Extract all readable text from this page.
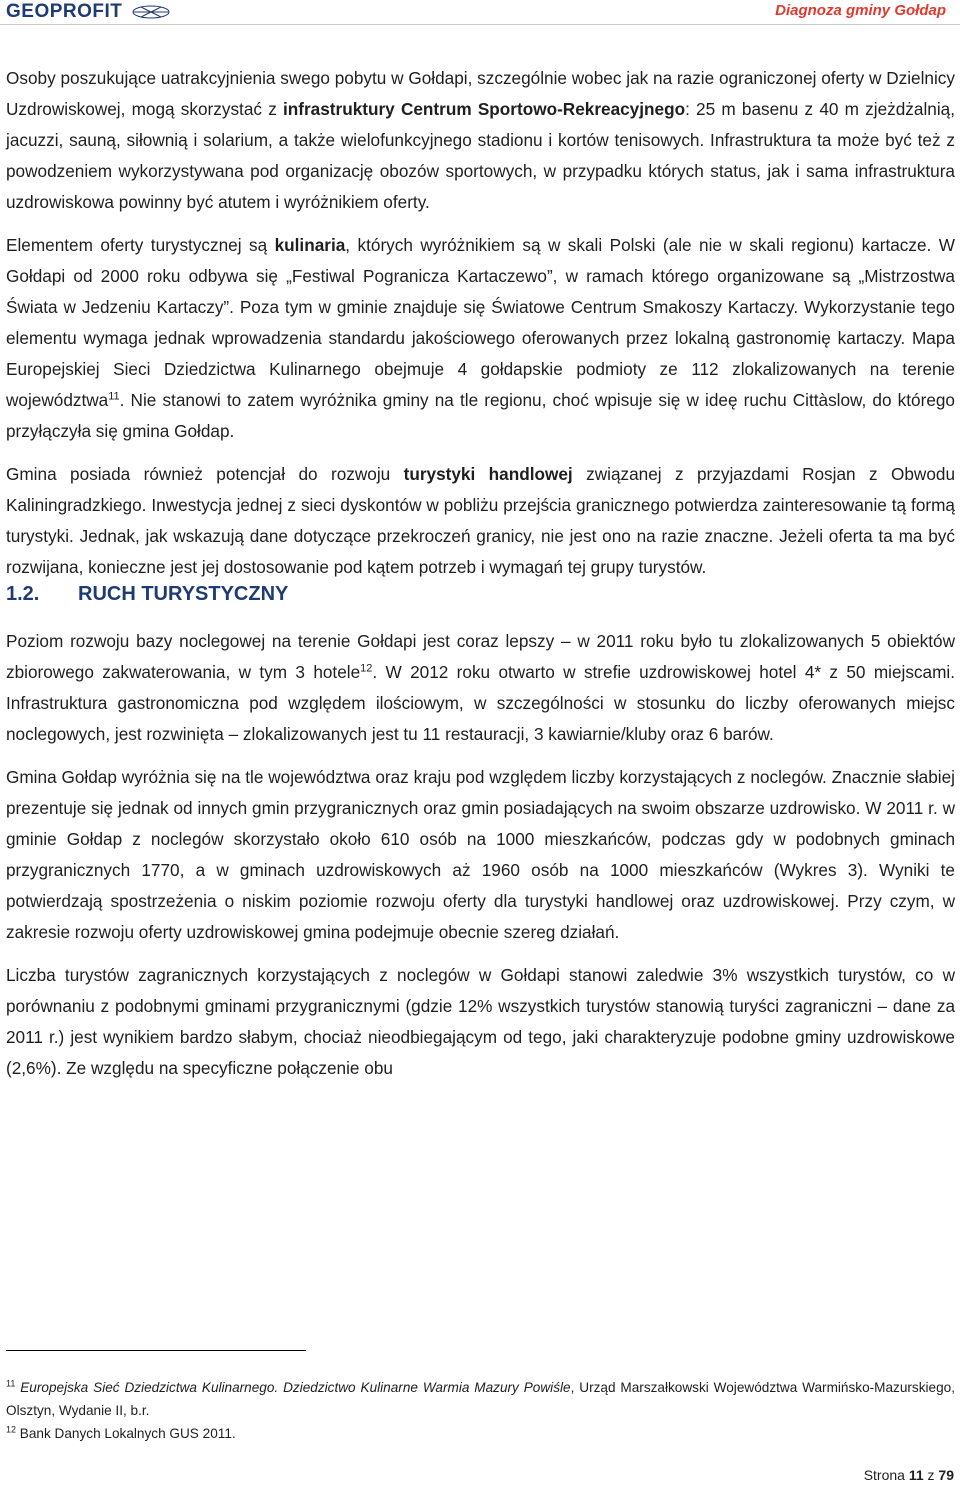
GEOPROFIT	Diagnoza gminy Gołdap

Osoby poszukujące uatrakcyjnienia swego pobytu w Gołdapi, szczególnie wobec jak na razie ograniczonej oferty w Dzielnicy Uzdrowiskowej, mogą skorzystać z infrastruktury Centrum Sportowo-Rekreacyjnego: 25 m basenu z 40 m zjeżdżalnią, jacuzzi, sauną, siłownią i solarium, a także wielofunkcyjnego stadionu i kortów tenisowych. Infrastruktura ta może być też z powodzeniem wykorzystywana pod organizację obozów sportowych, w przypadku których status, jak i sama infrastruktura uzdrowiskowa powinny być atutem i wyróżnikiem oferty.

Elementem oferty turystycznej są kulinaria, których wyróżnikiem są w skali Polski (ale nie w skali regionu) kartacze. W Gołdapi od 2000 roku odbywa się „Festiwal Pogranicza Kartaczewo”, w ramach którego organizowane są „Mistrzostwa Świata w Jedzeniu Kartaczy”. Poza tym w gminie znajduje się Światowe Centrum Smakoszy Kartaczy. Wykorzystanie tego elementu wymaga jednak wprowadzenia standardu jakościowego oferowanych przez lokalną gastronomię kartaczy. Mapa Europejskiej Sieci Dziedzictwa Kulinarnego obejmuje 4 gołdapskie podmioty ze 112 zlokalizowanych na terenie województwa$^{11}$. Nie stanowi to zatem wyróżnika gminy na tle regionu, choć wpisuje się w ideę ruchu Cittàslow, do którego przyłączyła się gmina Gołdap.

Gmina posiada również potencjał do rozwoju turystyki handlowej związanej z przyjazdami Rosjan z Obwodu Kaliningradzkiego. Inwestycja jednej z sieci dyskontów w pobliżu przejścia granicznego potwierdza zainteresowanie tą formą turystyki. Jednak, jak wskazują dane dotyczące przekroczeń granicy, nie jest ono na razie znaczne. Jeżeli oferta ta ma być rozwijana, konieczne jest jej dostosowanie pod kątem potrzeb i wymagań tej grupy turystów.

1.2. RUCH TURYSTYCZNY

Poziom rozwoju bazy noclegowej na terenie Gołdapi jest coraz lepszy – w 2011 roku było tu zlokalizowanych 5 obiektów zbiorowego zakwaterowania, w tym 3 hotele$^{12}$. W 2012 roku otwarto w strefie uzdrowiskowej hotel 4* z 50 miejscami. Infrastruktura gastronomiczna pod względem ilościowym, w szczególności w stosunku do liczby oferowanych miejsc noclegowych, jest rozwinięta – zlokalizowanych jest tu 11 restauracji, 3 kawiarnie/kluby oraz 6 barów.

Gmina Gołdap wyróżnia się na tle województwa oraz kraju pod względem liczby korzystających z noclegów. Znacznie słabiej prezentuje się jednak od innych gmin przygranicznych oraz gmin posiadających na swoim obszarze uzdrowisko. W 2011 r. w gminie Gołdap z noclegów skorzystało około 610 osób na 1000 mieszkańców, podczas gdy w podobnych gminach przygranicznych 1770, a w gminach uzdrowiskowych aż 1960 osób na 1000 mieszkańców (Wykres 3). Wyniki te potwierdzają spostrzeżenia o niskim poziomie rozwoju oferty dla turystyki handlowej oraz uzdrowiskowej. Przy czym, w zakresie rozwoju oferty uzdrowiskowej gmina podejmuje obecnie szereg działań.

Liczba turystów zagranicznych korzystających z noclegów w Gołdapi stanowi zaledwie 3% wszystkich turystów, co w porównaniu z podobnymi gminami przygranicznymi (gdzie 12% wszystkich turystów stanowią turyści zagraniczni – dane za 2011 r.) jest wynikiem bardzo słabym, chociaż nieodbiegającym od tego, jaki charakteryzuje podobne gminy uzdrowiskowe (2,6%). Ze względu na specyficzne połączenie obu

$^{11}$ Europejska Sieć Dziedzictwa Kulinarnego. Dziedzictwo Kulinarne Warmia Mazury Powiśle, Urząd Marszałkowski Województwa Warmińsko-Mazurskiego, Olsztyn, Wydanie II, b.r.
$^{12}$ Bank Danych Lokalnych GUS 2011.
Strona 11 z 79
